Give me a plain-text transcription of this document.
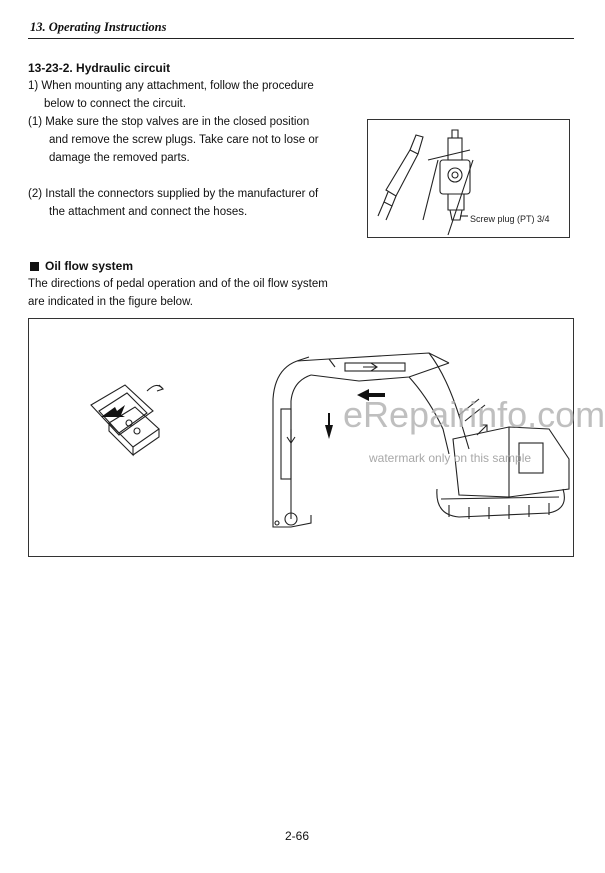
13. Operating Instructions
13-23-2. Hydraulic circuit
1) When mounting any attachment, follow the procedure
below to connect the circuit.
(1) Make sure the stop valves are in the closed position
and remove the screw plugs. Take care not to lose or
damage the removed parts.
(2) Install the connectors supplied by the manufacturer of
the attachment and connect the hoses.
Screw plug (PT) 3/4
Oil flow system
The directions of pedal operation and of the oil flow system
are indicated in the figure below.
eRepairinfo.com
watermark only on this sample
2-66
